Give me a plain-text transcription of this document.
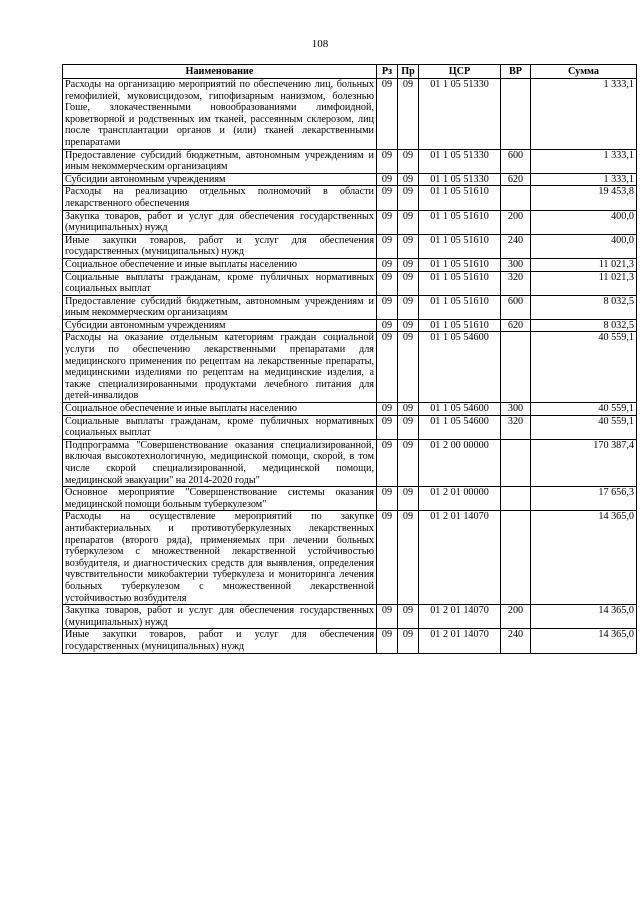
108
Наименование	Рз	Пр	ЦСР	ВР	Сумма
Расходы на организацию мероприятий по обеспечению лиц, больных гемофилией, муковисцидозом, гипофизарным нанизмом, болезнью Гоше, злокачественными новообразованиями лимфоидной, кроветворной и родственных им тканей, рассеянным склерозом, лиц после трансплантации органов и (или) тканей лекарственными препаратами	09	09	01 1 05 51330		1 333,1
Предоставление субсидий бюджетным, автономным учреждениям и иным некоммерческим организациям	09	09	01 1 05 51330	600	1 333,1
Субсидии автономным учреждениям	09	09	01 1 05 51330	620	1 333,1
Расходы на реализацию отдельных полномочий в области лекарственного обеспечения	09	09	01 1 05 51610		19 453,8
Закупка товаров, работ и услуг для обеспечения государственных (муниципальных) нужд	09	09	01 1 05 51610	200	400,0
Иные закупки товаров, работ и услуг для обеспечения государственных (муниципальных) нужд	09	09	01 1 05 51610	240	400,0
Социальное обеспечение и иные выплаты населению	09	09	01 1 05 51610	300	11 021,3
Социальные выплаты гражданам, кроме публичных нормативных социальных выплат	09	09	01 1 05 51610	320	11 021,3
Предоставление субсидий бюджетным, автономным учреждениям и иным некоммерческим организациям	09	09	01 1 05 51610	600	8 032,5
Субсидии автономным учреждениям	09	09	01 1 05 51610	620	8 032,5
Расходы на оказание отдельным категориям граждан социальной услуги по обеспечению лекарственными препаратами для медицинского применения по рецептам на лекарственные препараты, медицинскими изделиями по рецептам на медицинские изделия, а также специализированными продуктами лечебного питания для детей-инвалидов	09	09	01 1 05 54600		40 559,1
Социальное обеспечение и иные выплаты населению	09	09	01 1 05 54600	300	40 559,1
Социальные выплаты гражданам, кроме публичных нормативных социальных выплат	09	09	01 1 05 54600	320	40 559,1
Подпрограмма "Совершенствование оказания специализированной, включая высокотехнологичную, медицинской помощи, скорой, в том числе скорой специализированной, медицинской помощи, медицинской эвакуации" на 2014-2020 годы"	09	09	01 2 00 00000		170 387,4
Основное мероприятие "Совершенствование системы оказания медицинской помощи больным туберкулезом"	09	09	01 2 01 00000		17 656,3
Расходы на осуществление мероприятий по закупке антибактериальных и противотуберкулезных лекарственных препаратов (второго ряда), применяемых при лечении больных туберкулезом с множественной лекарственной устойчивостью возбудителя, и диагностических средств для выявления, определения чувствительности микобактерии туберкулеза и мониторинга лечения больных туберкулезом с множественной лекарственной устойчивостью возбудителя	09	09	01 2 01 14070		14 365,0
Закупка товаров, работ и услуг для обеспечения государственных (муниципальных) нужд	09	09	01 2 01 14070	200	14 365,0
Иные закупки товаров, работ и услуг для обеспечения государственных (муниципальных) нужд	09	09	01 2 01 14070	240	14 365,0
